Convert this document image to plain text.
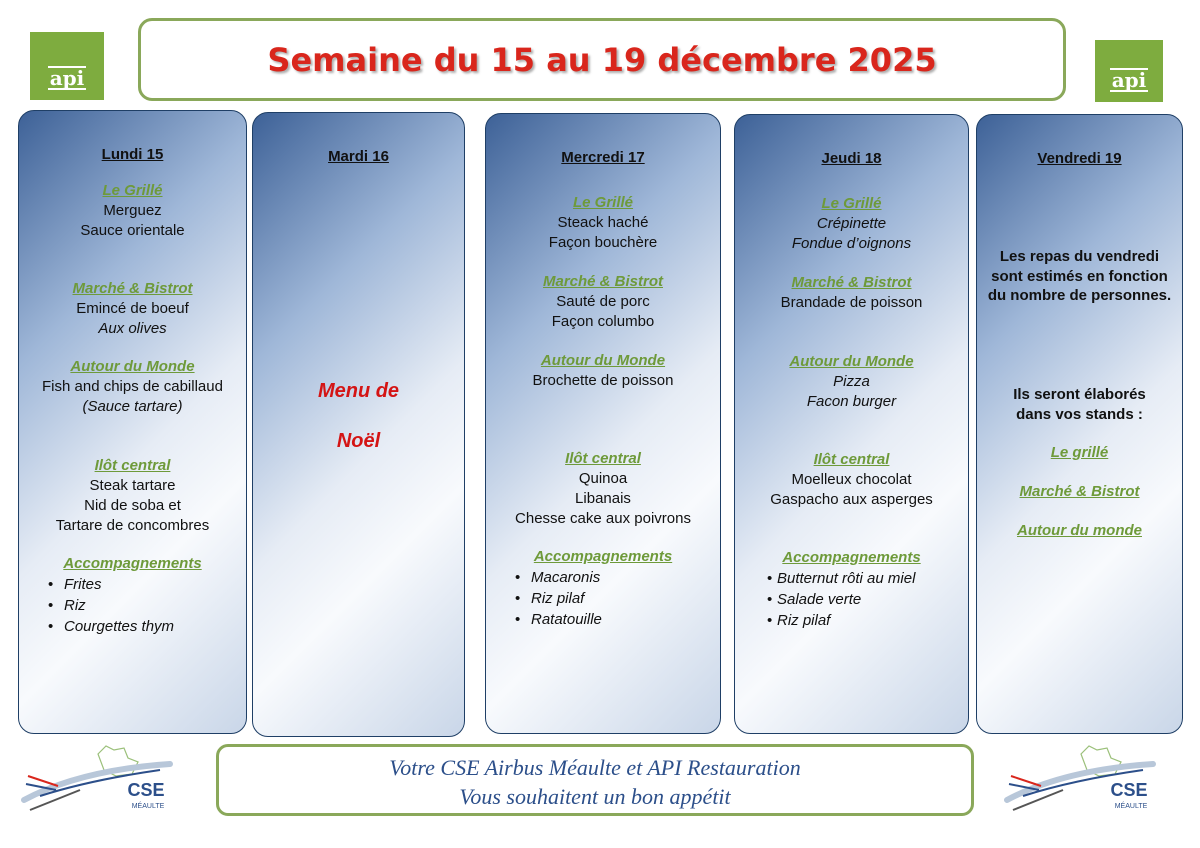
api	api
Semaine du 15 au 19 décembre 2025
Lundi 15
Le Grillé
Merguez
Sauce orientale
Marché & Bistrot
Emincé de boeuf
Aux olives
Autour du Monde
Fish and chips de cabillaud
(Sauce tartare)
Ilôt central
Steak tartare
Nid de soba et
Tartare de concombres
Accompagnements
• Frites
• Riz
• Courgettes thym
Mardi 16
Menu de
Noël
Mercredi 17
Le Grillé
Steack haché
Façon bouchère
Marché & Bistrot
Sauté de porc
Façon columbo
Autour du Monde
Brochette de poisson
Ilôt central
Quinoa
Libanais
Chesse cake aux poivrons
Accompagnements
• Macaronis
• Riz pilaf
• Ratatouille
Jeudi 18
Le Grillé
Crépinette
Fondue d’oignons
Marché & Bistrot
Brandade de poisson
Autour du Monde
Pizza
Facon burger
Ilôt central
Moelleux chocolat
Gaspacho aux asperges
Accompagnements
• Butternut rôti au miel
• Salade verte
• Riz pilaf
Vendredi 19
Les repas du vendredi sont estimés en fonction du nombre de personnes.
Ils seront élaborés dans vos stands :
Le grillé
Marché & Bistrot
Autour du monde
CSE
MÉAULTE
Votre CSE Airbus Méaulte et API Restauration
Vous souhaitent un bon appétit	CSE
MÉAULTE
